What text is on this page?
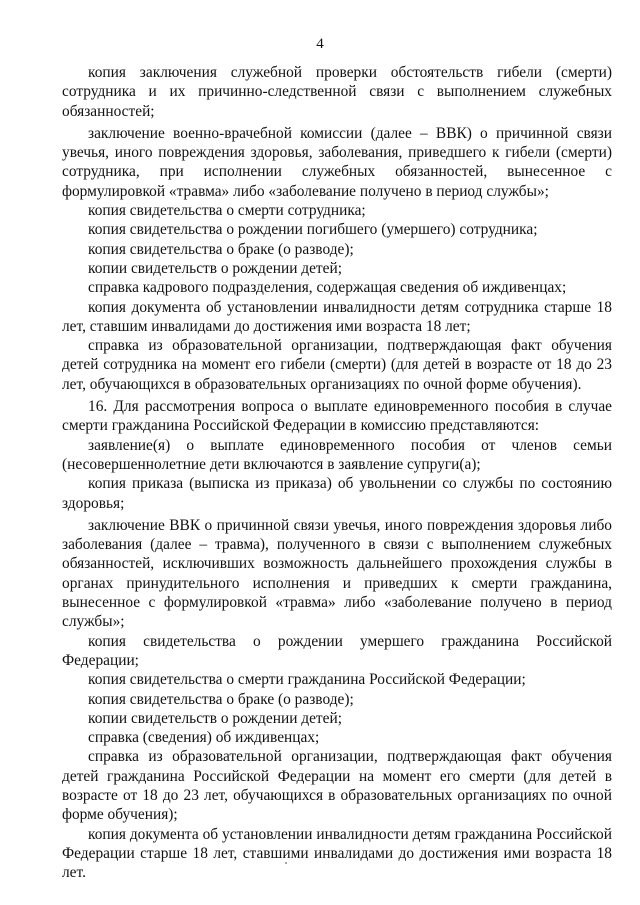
4

копия заключения служебной проверки обстоятельств гибели (смерти) сотрудника и их причинно-следственной связи с выполнением служебных обязанностей;

заключение военно-врачебной комиссии (далее – ВВК) о причинной связи увечья, иного повреждения здоровья, заболевания, приведшего к гибели (смерти) сотрудника, при исполнении служебных обязанностей, вынесенное с формулировкой «травма» либо «заболевание получено в период службы»;

копия свидетельства о смерти сотрудника;

копия свидетельства о рождении погибшего (умершего) сотрудника;

копия свидетельства о браке (о разводе);

копии свидетельств о рождении детей;

справка кадрового подразделения, содержащая сведения об иждивенцах;

копия документа об установлении инвалидности детям сотрудника старше 18 лет, ставшим инвалидами до достижения ими возраста 18 лет;

справка из образовательной организации, подтверждающая факт обучения детей сотрудника на момент его гибели (смерти) (для детей в возрасте от 18 до 23 лет, обучающихся в образовательных организациях по очной форме обучения).

16. Для рассмотрения вопроса о выплате единовременного пособия в случае смерти гражданина Российской Федерации в комиссию представляются:

заявление(я) о выплате единовременного пособия от членов семьи (несовершеннолетние дети включаются в заявление супруги(а);

копия приказа (выписка из приказа) об увольнении со службы по состоянию здоровья;

заключение ВВК о причинной связи увечья, иного повреждения здоровья либо заболевания (далее – травма), полученного в связи с выполнением служебных обязанностей, исключивших возможность дальнейшего прохождения службы в органах принудительного исполнения и приведших к смерти гражданина, вынесенное с формулировкой «травма» либо «заболевание получено в период службы»;

копия свидетельства о рождении умершего гражданина Российской Федерации;

копия свидетельства о смерти гражданина Российской Федерации;

копия свидетельства о браке (о разводе);

копии свидетельств о рождении детей;

справка (сведения) об иждивенцах;

справка из образовательной организации, подтверждающая факт обучения детей гражданина Российской Федерации на момент его смерти (для детей в возрасте от 18 до 23 лет, обучающихся в образовательных организациях по очной форме обучения);

копия документа об установлении инвалидности детям гражданина Российской Федерации старше 18 лет, ставшими инвалидами до достижения ими возраста 18 лет.
